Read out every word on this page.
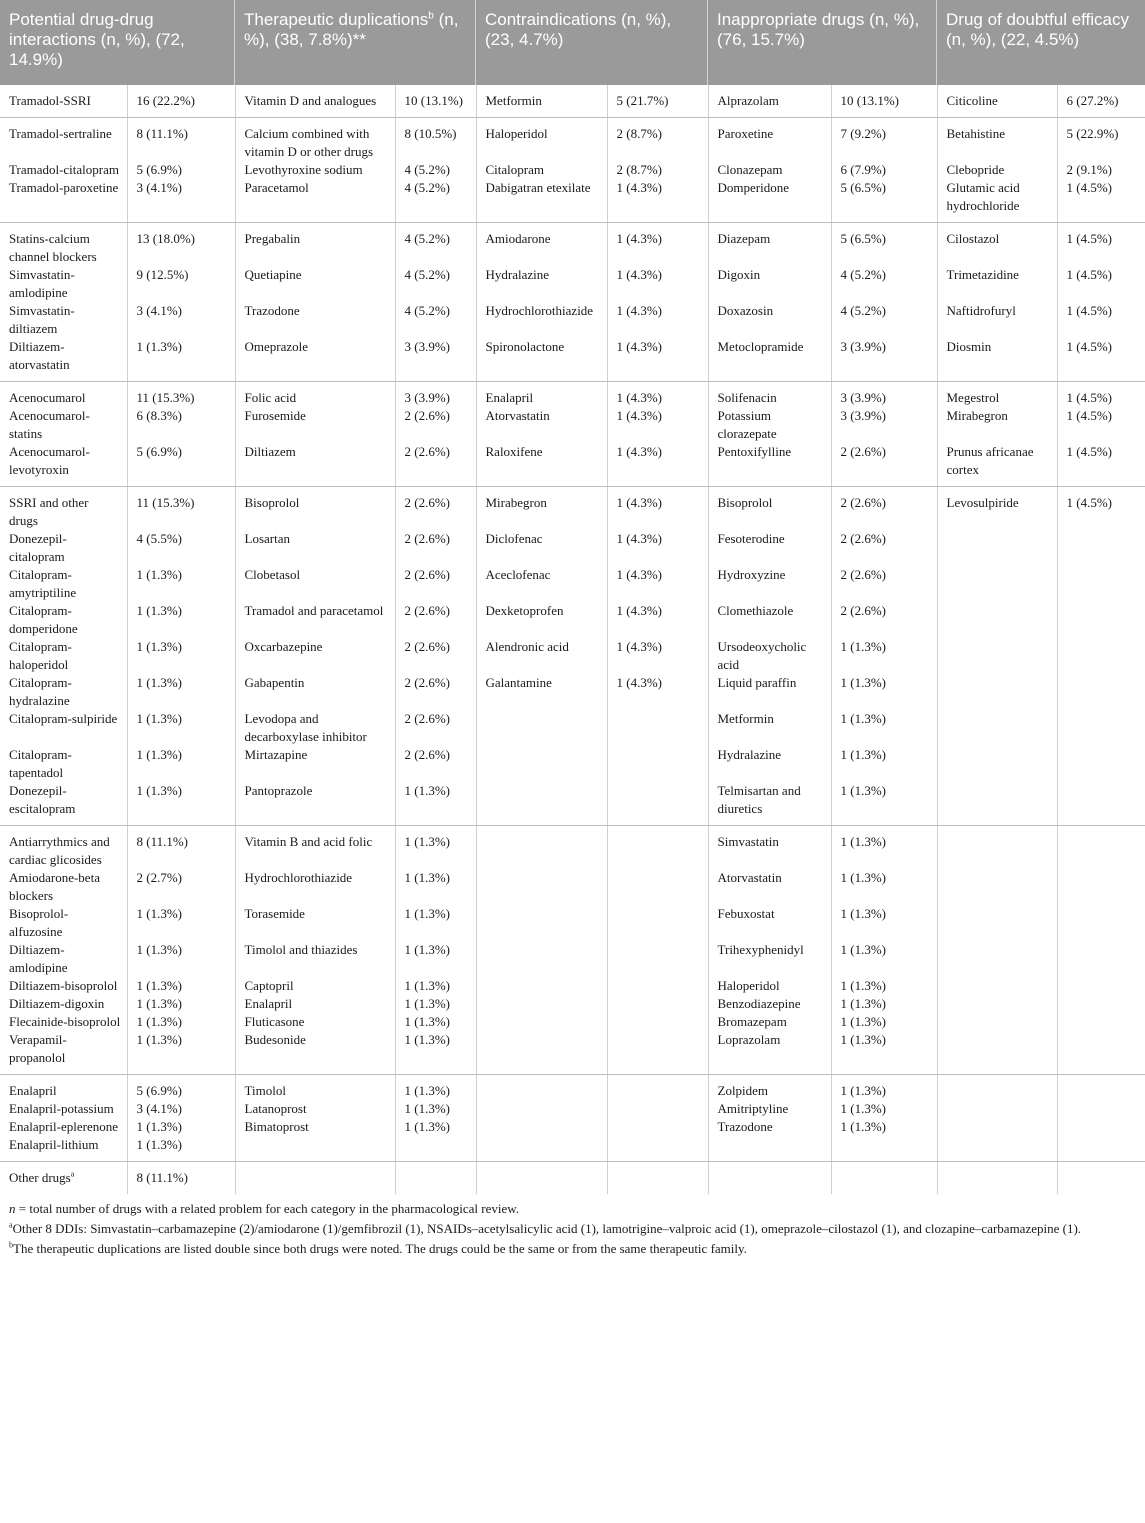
Potential drug-drug interactions (n, %), (72, 14.9%)
Therapeutic duplications$^b$ (n, %), (38, 7.8%)**
Contraindications (n, %), (23, 4.7%)
Inappropriate drugs (n, %), (76, 15.7%)
Drug of doubtful efficacy (n, %), (22, 4.5%)
Tramadol-SSRI	16 (22.2%)	Vitamin D and analogues	10 (13.1%)	Metformin	5 (21.7%)	Alprazolam	10 (13.1%)	Citicoline	6 (27.2%)
Tramadol-sertraline	8 (11.1%)	Calcium combined with vitamin D or other drugs	8 (10.5%)	Haloperidol	2 (8.7%)	Paroxetine	7 (9.2%)	Betahistine	5 (22.9%)
Tramadol-citalopram	5 (6.9%)	Levothyroxine sodium	4 (5.2%)	Citalopram	2 (8.7%)	Clonazepam	6 (7.9%)	Clebopride	2 (9.1%)
Tramadol-paroxetine	3 (4.1%)	Paracetamol	4 (5.2%)	Dabigatran etexilate	1 (4.3%)	Domperidone	5 (6.5%)	Glutamic acid hydrochloride	1 (4.5%)
Statins-calcium channel blockers	13 (18.0%)	Pregabalin	4 (5.2%)	Amiodarone	1 (4.3%)	Diazepam	5 (6.5%)	Cilostazol	1 (4.5%)
Simvastatin-amlodipine	9 (12.5%)	Quetiapine	4 (5.2%)	Hydralazine	1 (4.3%)	Digoxin	4 (5.2%)	Trimetazidine	1 (4.5%)
Simvastatin-diltiazem	3 (4.1%)	Trazodone	4 (5.2%)	Hydrochlorothiazide	1 (4.3%)	Doxazosin	4 (5.2%)	Naftidrofuryl	1 (4.5%)
Diltiazem-atorvastatin	1 (1.3%)	Omeprazole	3 (3.9%)	Spironolactone	1 (4.3%)	Metoclopramide	3 (3.9%)	Diosmin	1 (4.5%)
Acenocumarol	11 (15.3%)	Folic acid	3 (3.9%)	Enalapril	1 (4.3%)	Solifenacin	3 (3.9%)	Megestrol	1 (4.5%)
Acenocumarol-statins	6 (8.3%)	Furosemide	2 (2.6%)	Atorvastatin	1 (4.3%)	Potassium clorazepate	3 (3.9%)	Mirabegron	1 (4.5%)
Acenocumarol-levotyroxin	5 (6.9%)	Diltiazem	2 (2.6%)	Raloxifene	1 (4.3%)	Pentoxifylline	2 (2.6%)	Prunus africanae cortex	1 (4.5%)
SSRI and other drugs	11 (15.3%)	Bisoprolol	2 (2.6%)	Mirabegron	1 (4.3%)	Bisoprolol	2 (2.6%)	Levosulpiride	1 (4.5%)
Donezepil-citalopram	4 (5.5%)	Losartan	2 (2.6%)	Diclofenac	1 (4.3%)	Fesoterodine	2 (2.6%)		
Citalopram-amytriptiline	1 (1.3%)	Clobetasol	2 (2.6%)	Aceclofenac	1 (4.3%)	Hydroxyzine	2 (2.6%)		
Citalopram-domperidone	1 (1.3%)	Tramadol and paracetamol	2 (2.6%)	Dexketoprofen	1 (4.3%)	Clomethiazole	2 (2.6%)		
Citalopram-haloperidol	1 (1.3%)	Oxcarbazepine	2 (2.6%)	Alendronic acid	1 (4.3%)	Ursodeoxycholic acid	1 (1.3%)		
Citalopram-hydralazine	1 (1.3%)	Gabapentin	2 (2.6%)	Galantamine	1 (4.3%)	Liquid paraffin	1 (1.3%)		
Citalopram-sulpiride	1 (1.3%)	Levodopa and decarboxylase inhibitor	2 (2.6%)			Metformin	1 (1.3%)		
Citalopram-tapentadol	1 (1.3%)	Mirtazapine	2 (2.6%)			Hydralazine	1 (1.3%)		
Donezepil-escitalopram	1 (1.3%)	Pantoprazole	1 (1.3%)			Telmisartan and diuretics	1 (1.3%)		
Antiarrythmics and cardiac glicosides	8 (11.1%)	Vitamin B and acid folic	1 (1.3%)			Simvastatin	1 (1.3%)		
Amiodarone-beta blockers	2 (2.7%)	Hydrochlorothiazide	1 (1.3%)			Atorvastatin	1 (1.3%)		
Bisoprolol-alfuzosine	1 (1.3%)	Torasemide	1 (1.3%)			Febuxostat	1 (1.3%)		
Diltiazem-amlodipine	1 (1.3%)	Timolol and thiazides	1 (1.3%)			Trihexyphenidyl	1 (1.3%)		
Diltiazem-bisoprolol	1 (1.3%)	Captopril	1 (1.3%)			Haloperidol	1 (1.3%)		
Diltiazem-digoxin	1 (1.3%)	Enalapril	1 (1.3%)			Benzodiazepine	1 (1.3%)		
Flecainide-bisoprolol	1 (1.3%)	Fluticasone	1 (1.3%)			Bromazepam	1 (1.3%)		
Verapamil-propanolol	1 (1.3%)	Budesonide	1 (1.3%)			Loprazolam	1 (1.3%)		
Enalapril	5 (6.9%)	Timolol	1 (1.3%)			Zolpidem	1 (1.3%)		
Enalapril-potassium	3 (4.1%)	Latanoprost	1 (1.3%)			Amitriptyline	1 (1.3%)		
Enalapril-eplerenone	1 (1.3%)	Bimatoprost	1 (1.3%)			Trazodone	1 (1.3%)		
Enalapril-lithium	1 (1.3%)								
Other drugs$^a$	8 (11.1%)								

n = total number of drugs with a related problem for each category in the pharmacological review.

$^a$Other 8 DDIs: Simvastatin–carbamazepine (2)/amiodarone (1)/gemfibrozil (1), NSAIDs–acetylsalicylic acid (1), lamotrigine–valproic acid (1), omeprazole–cilostazol (1), and clozapine–carbamazepine (1).

$^b$The therapeutic duplications are listed double since both drugs were noted. The drugs could be the same or from the same therapeutic family.
